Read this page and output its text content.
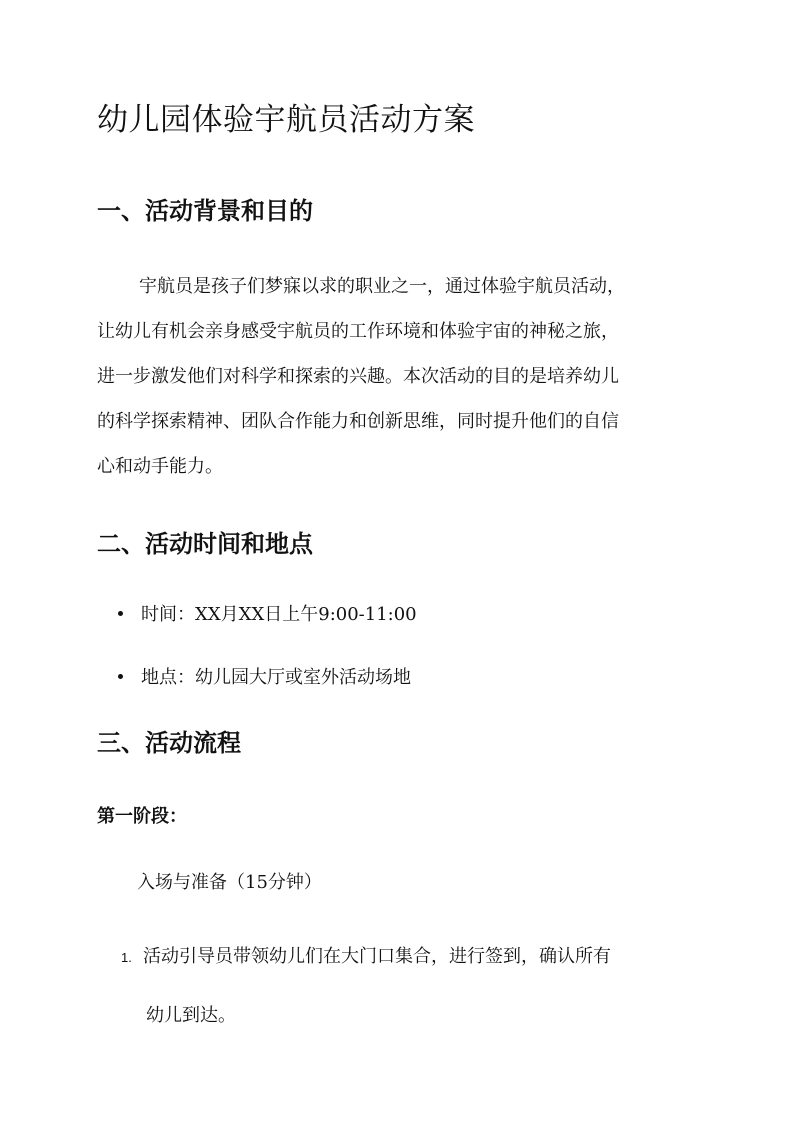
幼儿园体验宇航员活动方案
一、活动背景和目的
宇航员是孩子们梦寐以求的职业之一，通过体验宇航员活动，
让幼儿有机会亲身感受宇航员的工作环境和体验宇宙的神秘之旅，
进一步激发他们对科学和探索的兴趣。本次活动的目的是培养幼儿
的科学探索精神、团队合作能力和创新思维，同时提升他们的自信
心和动手能力。
二、活动时间和地点
时间：XX月XX日上午9:00-11:00
地点：幼儿园大厅或室外活动场地
三、活动流程
第一阶段：
入场与准备（15分钟）
1. 活动引导员带领幼儿们在大门口集合，进行签到，确认所有
幼儿到达。
